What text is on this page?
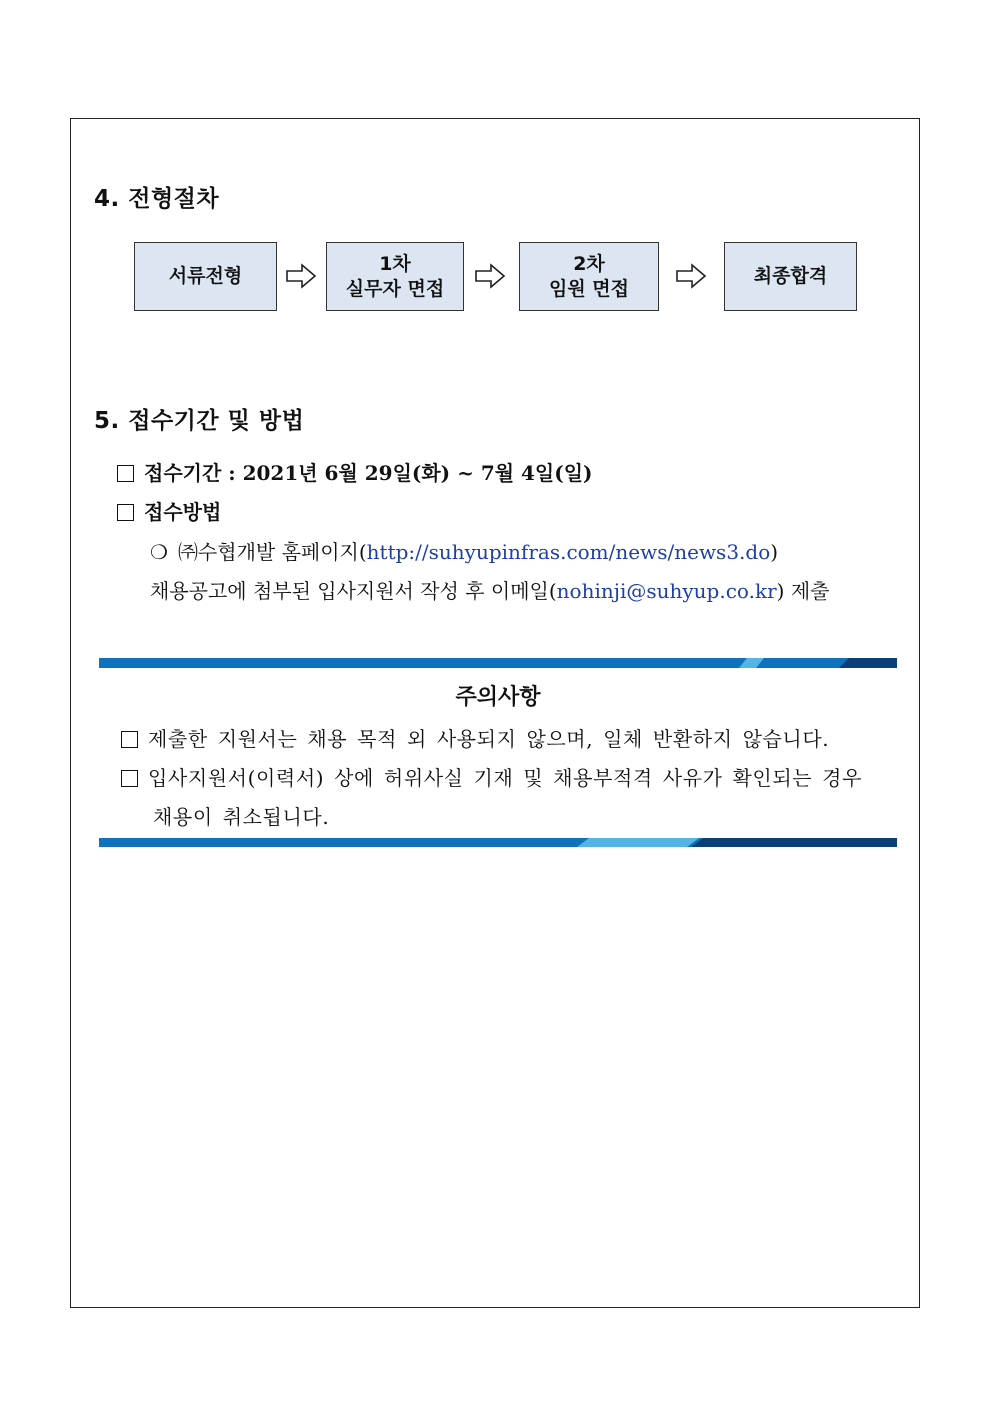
4. 전형절차
서류전형
1차
실무자 면접
2차
임원 면접
최종합격
5. 접수기간 및 방법
접수기간 : 2021년 6월 29일(화) ~ 7월 4일(일)
접수방법
❍ ㈜수협개발 홈페이지(http://suhyupinfras.com/news/news3.do)
채용공고에 첨부된 입사지원서 작성 후 이메일(nohinji@suhyup.co.kr) 제출
주의사항
제출한 지원서는 채용 목적 외 사용되지 않으며, 일체 반환하지 않습니다.
입사지원서(이력서) 상에 허위사실 기재 및 채용부적격 사유가 확인되는 경우
채용이 취소됩니다.
